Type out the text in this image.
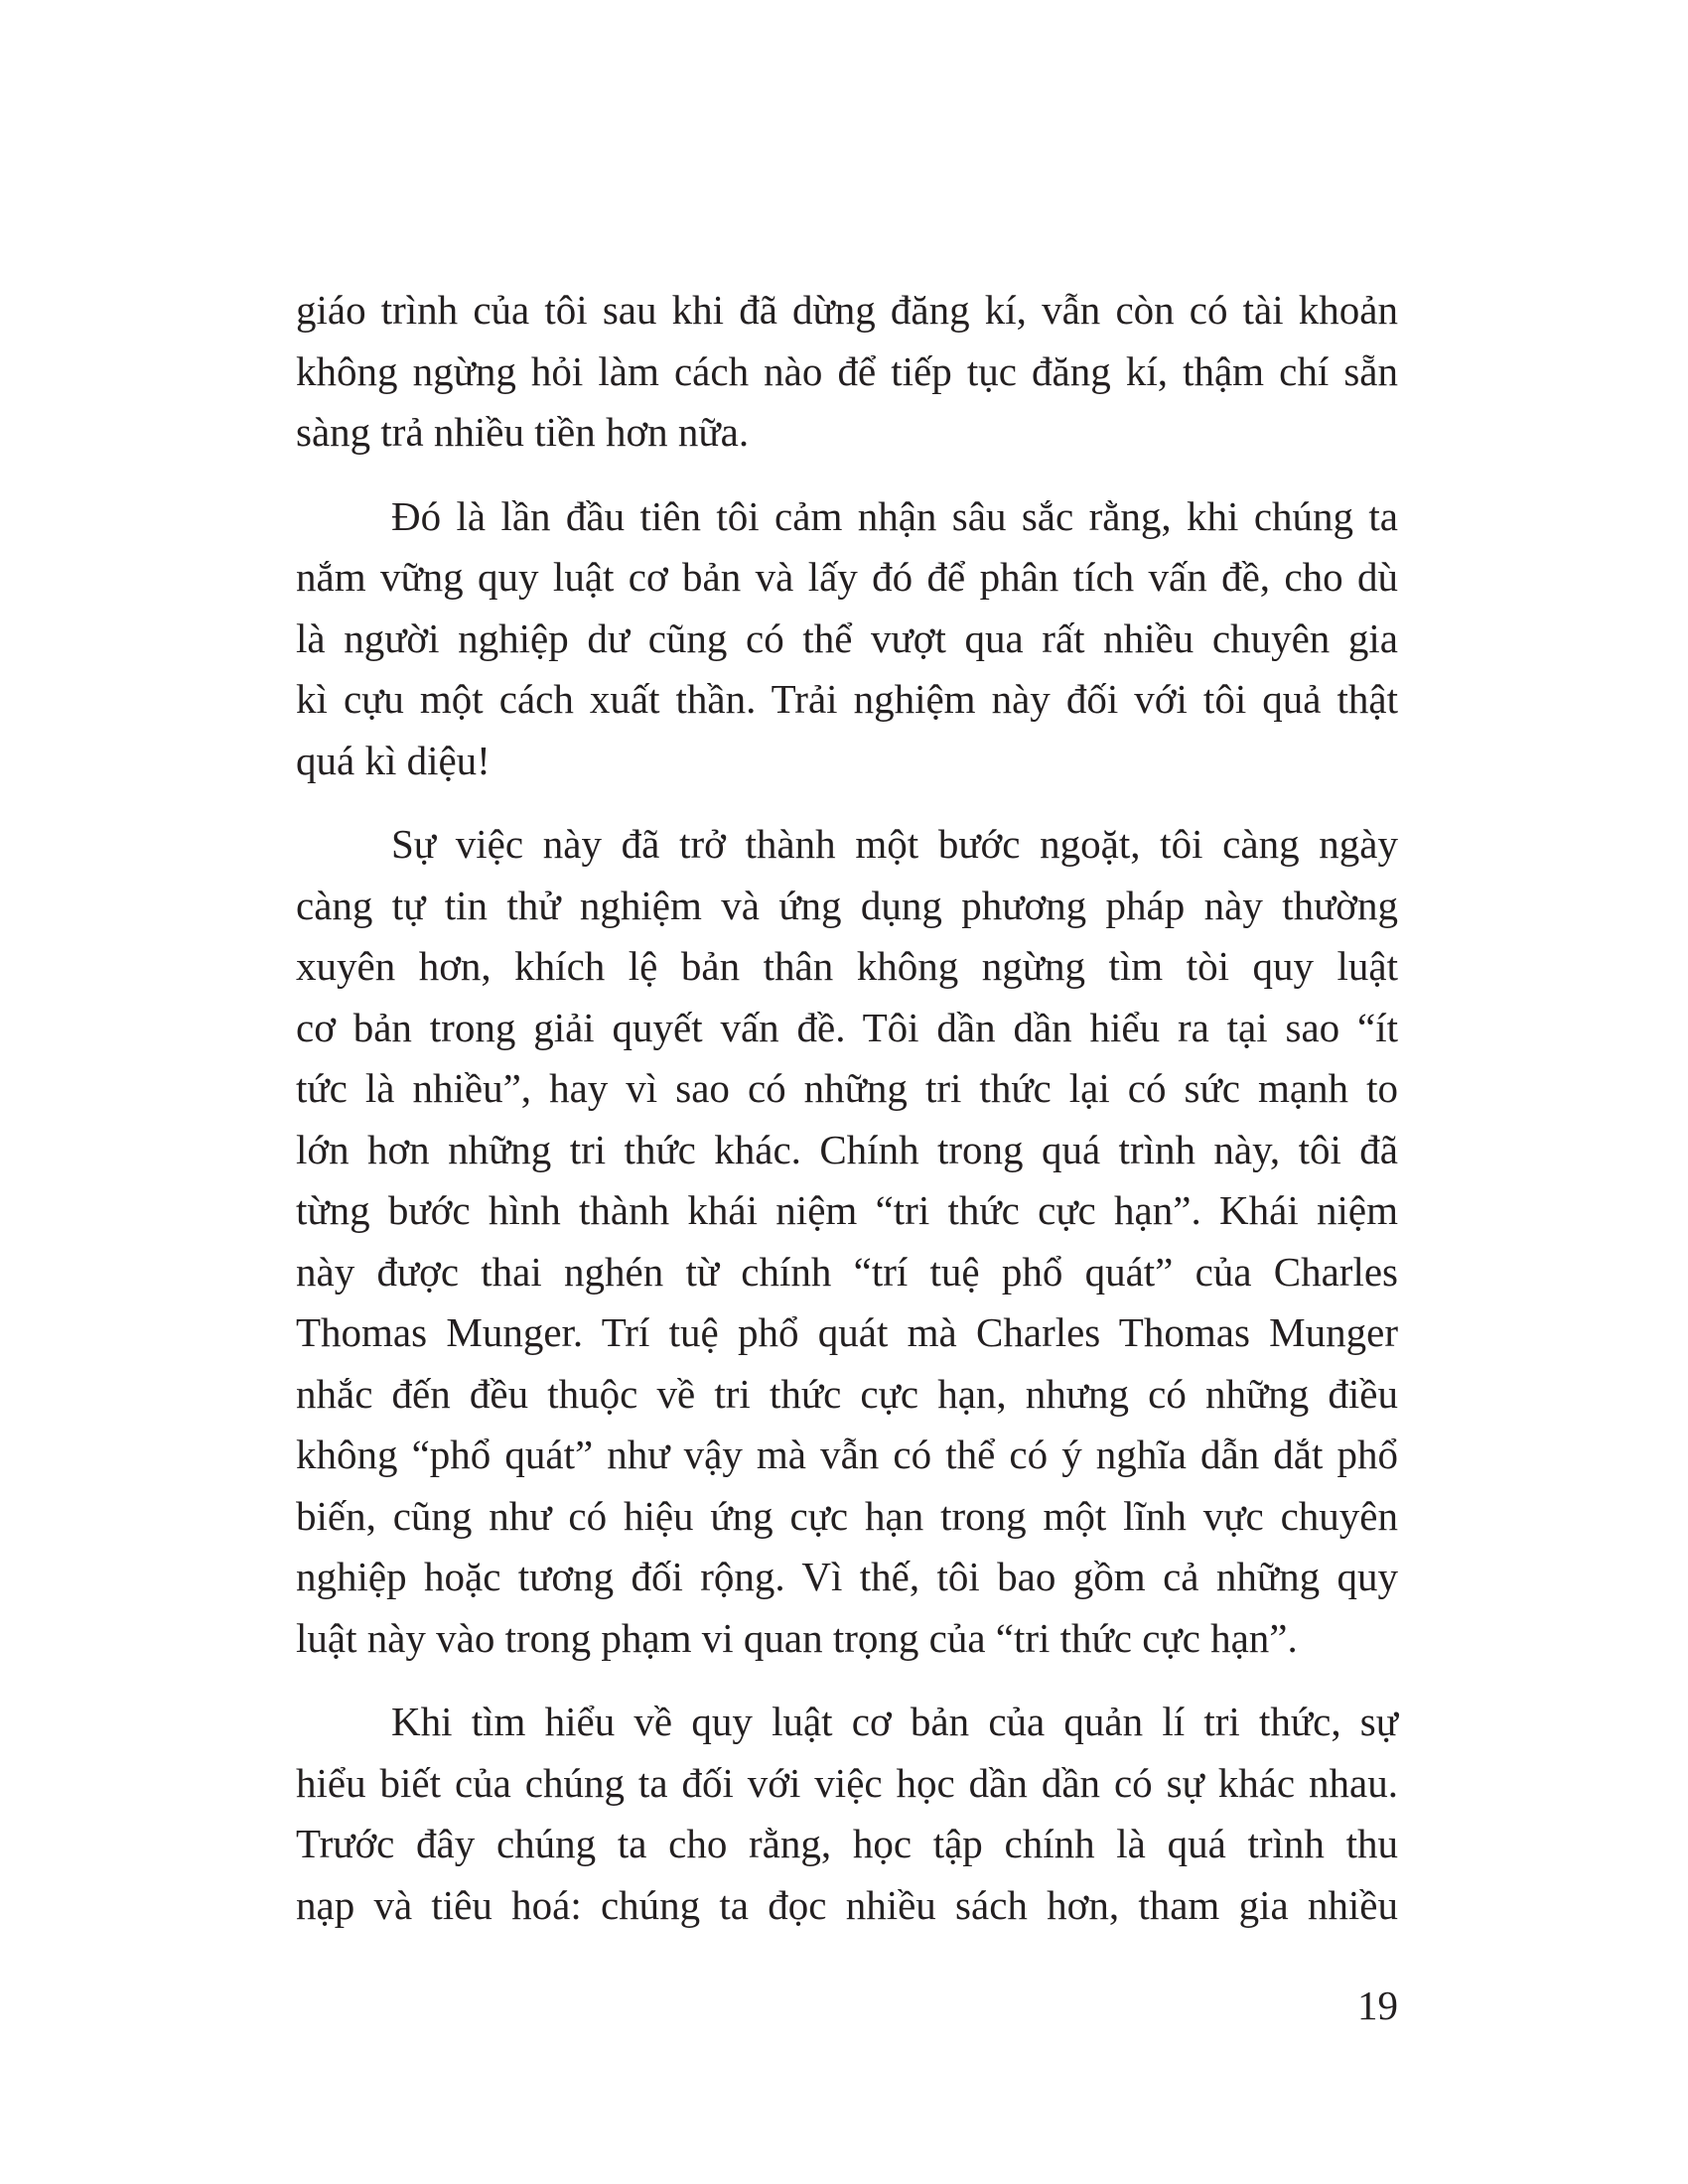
giáo trình của tôi sau khi đã dừng đăng kí, vẫn còn có tài khoản
không ngừng hỏi làm cách nào để tiếp tục đăng kí, thậm chí sẵn
sàng trả nhiều tiền hơn nữa.

Đó là lần đầu tiên tôi cảm nhận sâu sắc rằng, khi chúng ta
nắm vững quy luật cơ bản và lấy đó để phân tích vấn đề, cho dù
là người nghiệp dư cũng có thể vượt qua rất nhiều chuyên gia
kì cựu một cách xuất thần. Trải nghiệm này đối với tôi quả thật
quá kì diệu!

Sự việc này đã trở thành một bước ngoặt, tôi càng ngày
càng tự tin thử nghiệm và ứng dụng phương pháp này thường
xuyên hơn, khích lệ bản thân không ngừng tìm tòi quy luật
cơ bản trong giải quyết vấn đề. Tôi dần dần hiểu ra tại sao “ít
tức là nhiều”, hay vì sao có những tri thức lại có sức mạnh to
lớn hơn những tri thức khác. Chính trong quá trình này, tôi đã
từng bước hình thành khái niệm “tri thức cực hạn”. Khái niệm
này được thai nghén từ chính “trí tuệ phổ quát” của Charles
Thomas Munger. Trí tuệ phổ quát mà Charles Thomas Munger
nhắc đến đều thuộc về tri thức cực hạn, nhưng có những điều
không “phổ quát” như vậy mà vẫn có thể có ý nghĩa dẫn dắt phổ
biến, cũng như có hiệu ứng cực hạn trong một lĩnh vực chuyên
nghiệp hoặc tương đối rộng. Vì thế, tôi bao gồm cả những quy
luật này vào trong phạm vi quan trọng của “tri thức cực hạn”.

Khi tìm hiểu về quy luật cơ bản của quản lí tri thức, sự
hiểu biết của chúng ta đối với việc học dần dần có sự khác nhau.
Trước đây chúng ta cho rằng, học tập chính là quá trình thu
nạp và tiêu hoá: chúng ta đọc nhiều sách hơn, tham gia nhiều

19
